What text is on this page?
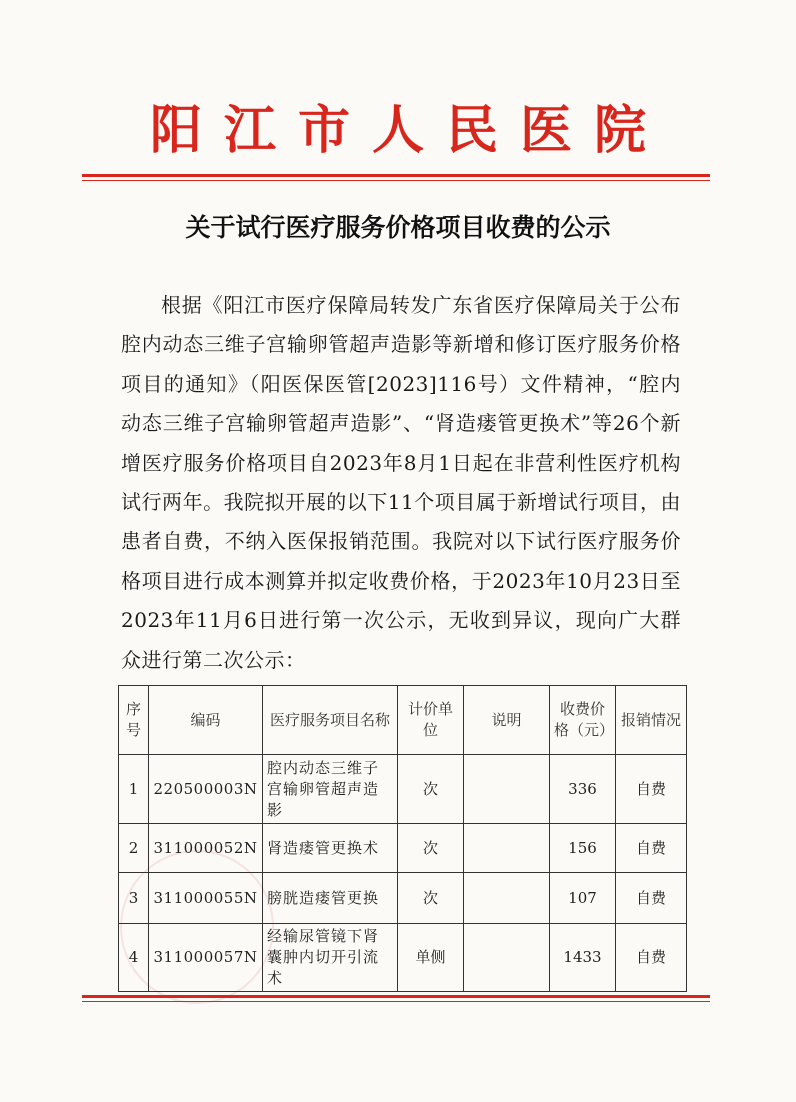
阳江市人民医院
关于试行医疗服务价格项目收费的公示

根据《阳江市医疗保障局转发广东省医疗保障局关于公布腔内动态三维子宫输卵管超声造影等新增和修订医疗服务价格项目的通知》（阳医保医管[2023]116号）文件精神，“腔内动态三维子宫输卵管超声造影”、“肾造瘘管更换术”等26个新增医疗服务价格项目自2023年8月1日起在非营利性医疗机构试行两年。我院拟开展的以下11个项目属于新增试行项目，由患者自费，不纳入医保报销范围。我院对以下试行医疗服务价格项目进行成本测算并拟定收费价格，于2023年10月23日至2023年11月6日进行第一次公示，无收到异议，现向广大群众进行第二次公示：

序号	编码	医疗服务项目名称	计价单位	说明	收费价格（元）	报销情况
1	220500003N	腔内动态三维子宫输卵管超声造影	次		336	自费
2	311000052N	肾造瘘管更换术	次		156	自费
3	311000055N	膀胱造瘘管更换	次		107	自费
4	311000057N	经输尿管镜下肾囊肿内切开引流术	单侧		1433	自费
